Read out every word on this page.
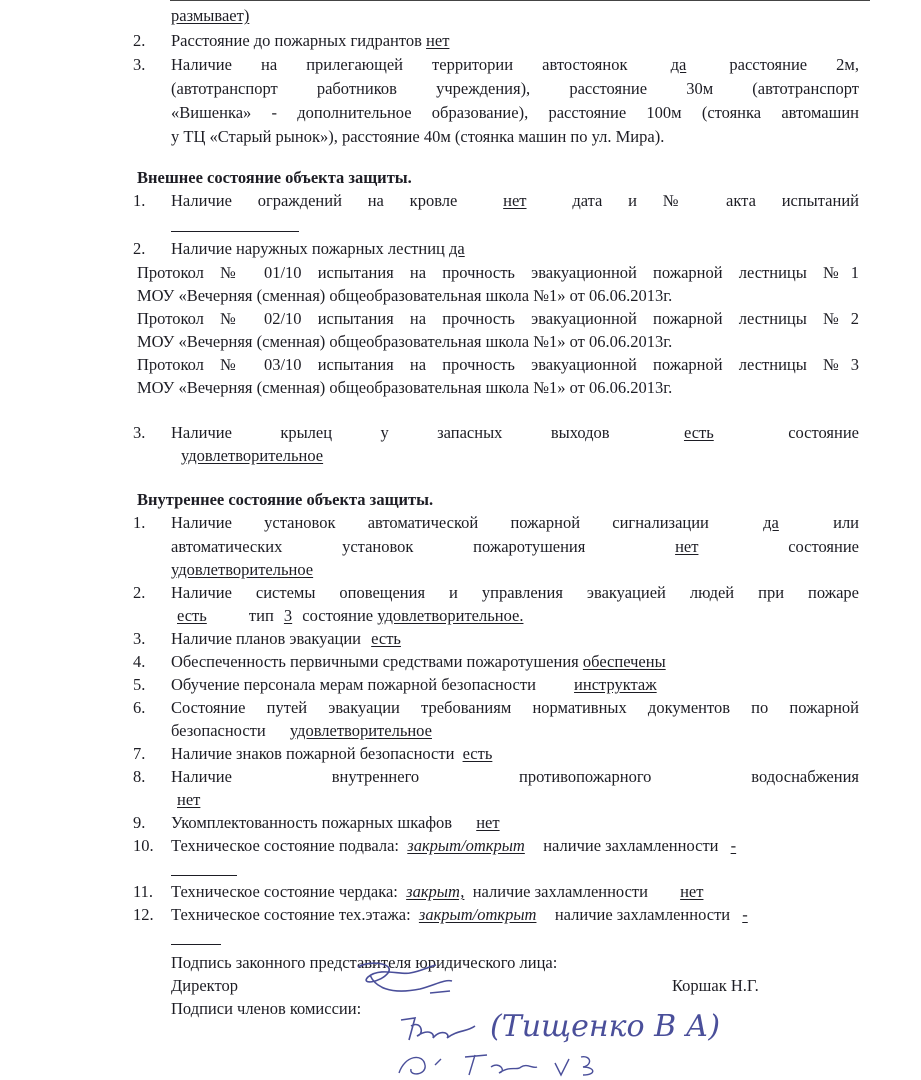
размывает)
2.	Расстояние до пожарных гидрантов нет
3.	Наличие на прилегающей территории автостоянок	да	расстояние 2м,
(автотранспорт работников учреждения), расстояние 30м (автотранспорт
«Вишенка» - дополнительное образование), расстояние 100м (стоянка автомашин
у ТЦ «Старый рынок»), расстояние 40м (стоянка машин по ул. Мира).
Внешнее состояние объекта защиты.
1.	Наличие ограждений на кровле	нет	дата и № акта испытаний
2.	Наличие наружных пожарных лестниц да
Протокол № 01/10 испытания на прочность эвакуационной пожарной лестницы №1
МОУ «Вечерняя (сменная) общеобразовательная школа №1» от 06.06.2013г.
Протокол № 02/10 испытания на прочность эвакуационной пожарной лестницы №2
МОУ «Вечерняя (сменная) общеобразовательная школа №1» от 06.06.2013г.
Протокол № 03/10 испытания на прочность эвакуационной пожарной лестницы №3
МОУ «Вечерняя (сменная) общеобразовательная школа №1» от 06.06.2013г.
3.	Наличие крылец у запасных выходов	есть	состояние
удовлетворительное
Внутреннее состояние объекта защиты.
1.	Наличие установок автоматической пожарной сигнализации	да	или
автоматических установок пожаротушения	нет	состояние
удовлетворительное
2.	Наличие системы оповещения и управления эвакуацией людей при пожаре
есть	тип 3 состояние удовлетворительное.
3.	Наличие планов эвакуации есть
4.	Обеспеченность первичными средствами пожаротушения обеспечены
5.	Обучение персонала мерам пожарной безопасности инструктаж
6.	Состояние путей эвакуации требованиям нормативных документов по пожарной
безопасности удовлетворительное
7.	Наличие знаков пожарной безопасности есть
8.	Наличие внутреннего противопожарного водоснабжения
нет
9.	Укомплектованность пожарных шкафов нет
10.	Техническое состояние подвала: закрыт/открыт наличие захламленности -
11.	Техническое состояние чердака: закрыт, наличие захламленности нет
12.	Техническое состояние тех.этажа: закрыт/открыт наличие захламленности -
Подпись законного представителя юридического лица:
Директор	Коршак Н.Г.
Подписи членов комиссии:
(Тищенко В А)
